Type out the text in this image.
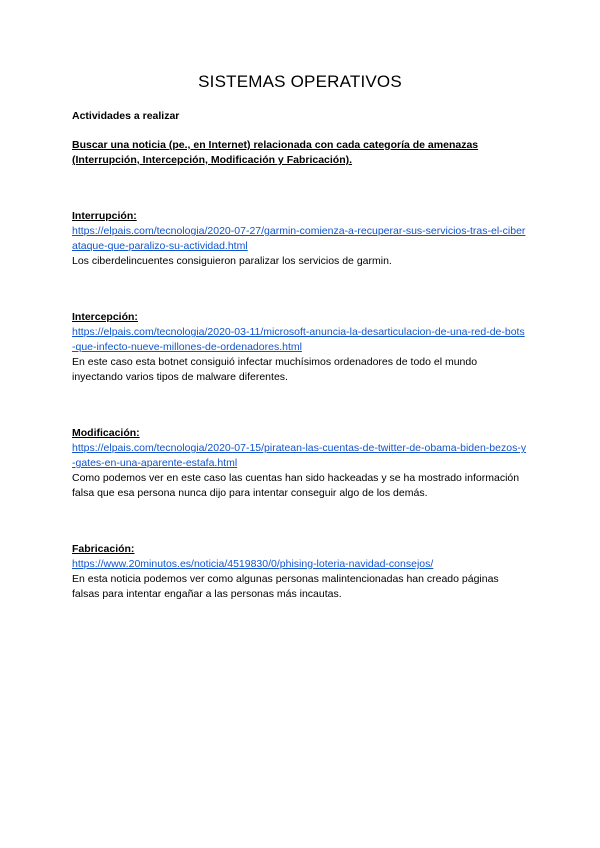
SISTEMAS OPERATIVOS

Actividades a realizar

Buscar una noticia (pe., en Internet) relacionada con cada categoría de amenazas (Interrupción, Intercepción, Modificación y Fabricación).

Interrupción:
https://elpais.com/tecnologia/2020-07-27/garmin-comienza-a-recuperar-sus-servicios-tras-el-ciberataque-que-paralizo-su-actividad.html
Los ciberdelincuentes consiguieron paralizar los servicios de garmin.
Intercepción:
https://elpais.com/tecnologia/2020-03-11/microsoft-anuncia-la-desarticulacion-de-una-red-de-bots-que-infecto-nueve-millones-de-ordenadores.html
En este caso esta botnet consiguió infectar muchísimos ordenadores de todo el mundo inyectando varios tipos de malware diferentes.
Modificación:
https://elpais.com/tecnologia/2020-07-15/piratean-las-cuentas-de-twitter-de-obama-biden-bezos-y-gates-en-una-aparente-estafa.html
Como podemos ver en este caso las cuentas han sido hackeadas y se ha mostrado información falsa que esa persona nunca dijo para intentar conseguir algo de los demás.
Fabricación:
https://www.20minutos.es/noticia/4519830/0/phising-loteria-navidad-consejos/
En esta noticia podemos ver como algunas personas malintencionadas han creado páginas falsas para intentar engañar a las personas más incautas.
